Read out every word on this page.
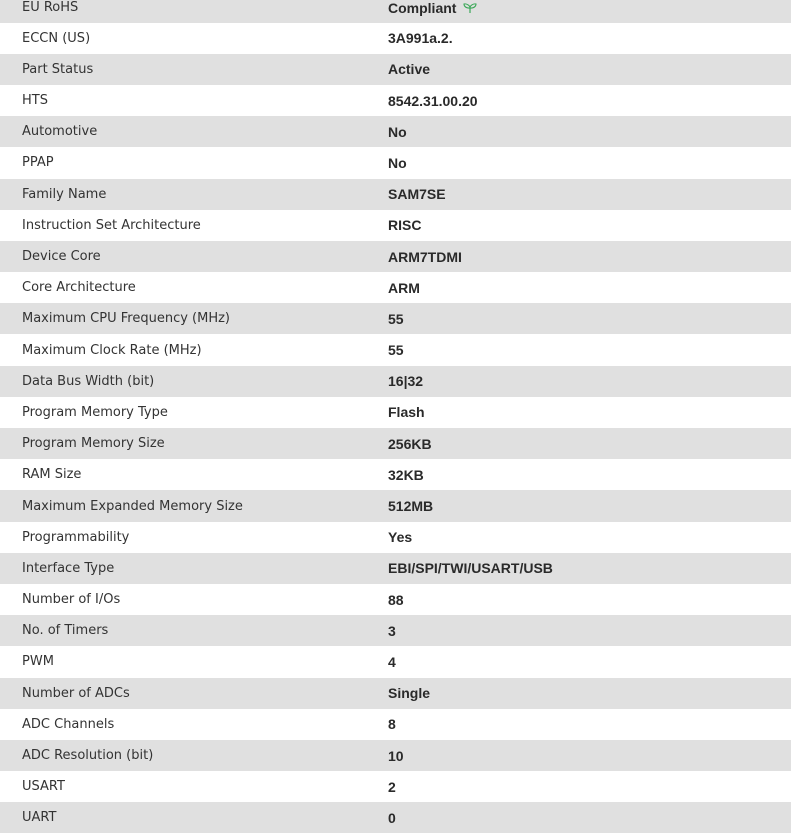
EU RoHS	Compliant
ECCN (US)	3A991a.2.
Part Status	Active
HTS	8542.31.00.20
Automotive	No
PPAP	No
Family Name	SAM7SE
Instruction Set Architecture	RISC
Device Core	ARM7TDMI
Core Architecture	ARM
Maximum CPU Frequency (MHz)	55
Maximum Clock Rate (MHz)	55
Data Bus Width (bit)	16|32
Program Memory Type	Flash
Program Memory Size	256KB
RAM Size	32KB
Maximum Expanded Memory Size	512MB
Programmability	Yes
Interface Type	EBI/SPI/TWI/USART/USB
Number of I/Os	88
No. of Timers	3
PWM	4
Number of ADCs	Single
ADC Channels	8
ADC Resolution (bit)	10
USART	2
UART	0
